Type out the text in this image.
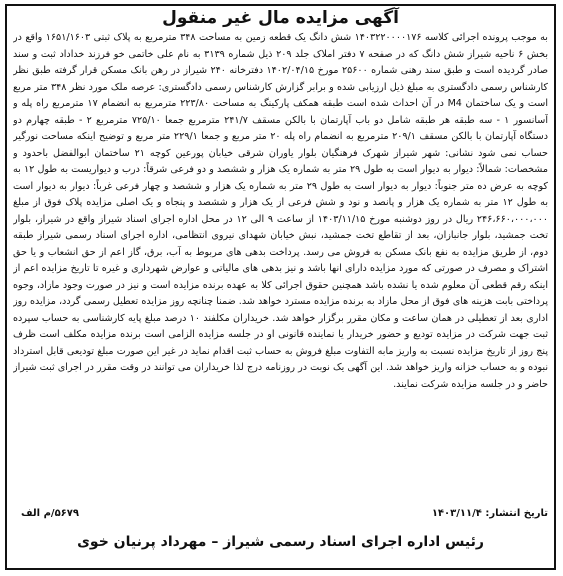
آگهی مزایده مال غیر منقول
به موجب پرونده اجرائی کلاسه ۱۴۰۳۲۲۰۰۰۰۱۷۶ شش دانگ یک قطعه زمین به مساحت ۳۴۸ مترمربع به پلاک ثبتی ۱۶۵۱/۱۶۰۳ واقع در بخش ۶ ناحیه شیراز شش دانگ که در صفحه ۷ دفتر املاک جلد ۲۰۹ ذیل شماره ۳۱۳۹ به نام علی خاتمی خو فرزند خداداد ثبت و سند صادر گردیده است و طبق سند رهنی شماره ۲۵۶۰۰ مورخ ۱۴۰۲/۰۴/۱۵ دفترخانه ۲۴۰ شیراز در رهن بانک مسکن قرار گرفته طبق نظر کارشناس رسمی دادگستری به مبلغ ذیل ارزیابی شده و برابر گزارش کارشناس رسمی دادگستری: عرصه ملک مورد نظر ۳۴۸ متر مربع است و یک ساختمان M4 در آن احداث شده است طبقه همکف پارکینگ به مساحت ۲۲۳/۸۰ مترمربع به انضمام ۱۷ مترمربع راه پله و آسانسور ۱ - سه طبقه هر طبقه شامل دو باب آپارتمان با بالکن مسقف ۲۴۱/۷ مترمربع جمعا ۷۲۵/۱۰ مترمربع ۲ - طبقه چهارم دو دستگاه آپارتمان با بالکن مسقف ۲۰۹/۱ مترمربع به انضمام راه پله ۲۰ متر مربع و جمعا ۲۲۹/۱ متر مربع و توضیح اینکه مساحت نورگیر حساب نمی شود نشانی: شهر شیراز شهرک فرهنگیان بلوار یاوران شرقی خیابان پورعین کوچه ۲۱ ساختمان ابوالفضل باحدود و مشخصات: شمالاً: دیوار به دیوار است به طول ۲۹ متر به شماره یک هزار و ششصد و دو فرعی شرقاً: درب و دیواریست به طول ۱۲ به کوچه به عرض ده متر جنوباً: دیوار به دیوار است به طول ۲۹ متر به شماره یک هزار و ششصد و چهار فرعی غرباً: دیوار به دیوار است به طول ۱۲ متر به شماره یک هزار و پانصد و نود و شش فرعی از یک هزار و ششصد و پنجاه و یک اصلی مزایده پلاک فوق از مبلغ ۲۴۶،۶۶۰،۰۰۰،۰۰۰ ریال در روز دوشنبه مورخ ۱۴۰۳/۱۱/۱۵ از ساعت ۹ الی ۱۲ در محل اداره اجرای اسناد شیراز واقع در شیراز، بلوار تخت جمشید، بلوار جانبازان، بعد از تقاطع تخت جمشید، نبش خیابان شهدای نیروی انتظامی، اداره اجرای اسناد رسمی شیراز طبقه دوم، از طریق مزایده به نفع بانک مسکن به فروش می رسد. پرداخت بدهی های مربوط به آب، برق، گاز اعم از حق انشعاب و یا حق اشتراک و مصرف در صورتی که مورد مزایده دارای انها باشد و نیز بدهی های مالیاتی و عوارض شهرداری و غیره تا تاریخ مزایده اعم از اینکه رقم قطعی آن معلوم شده یا نشده باشد همچنین حقوق اجرائی کلا به عهده برنده مزایده است و نیز در صورت وجود مازاد، وجوه پرداختی بابت هزینه های فوق از محل مازاد به برنده مزایده مسترد خواهد شد. ضمنا چنانچه روز مزایده تعطیل رسمی گردد، مزایده روز اداری بعد از تعطیلی در همان ساعت و مکان مقرر برگزار خواهد شد. خریداران مکلفند ۱۰ درصد مبلغ پایه کارشناسی به حساب سپرده ثبت جهت شرکت در مزایده تودیع و حضور خریدار یا نماینده قانونی او در جلسه مزایده الزامی است برنده مزایده مکلف است ظرف پنج روز از تاریخ مزایده نسبت به واریز مابه التفاوت مبلغ فروش به حساب ثبت اقدام نماید در غیر این صورت مبلغ تودیعی قابل استرداد نبوده و به حساب خزانه واریز خواهد شد. این آگهی یک نوبت در روزنامه درج لذا خریداران می توانند در وقت مقرر در اجرای ثبت شیراز حاضر و در جلسه مزایده شرکت نمایند.
تاریخ انتشار: ۱۴۰۳/۱۱/۴
۵۶۷۹/م الف
رئیس اداره اجرای اسناد رسمی شیراز – مهرداد پرنیان خوی
